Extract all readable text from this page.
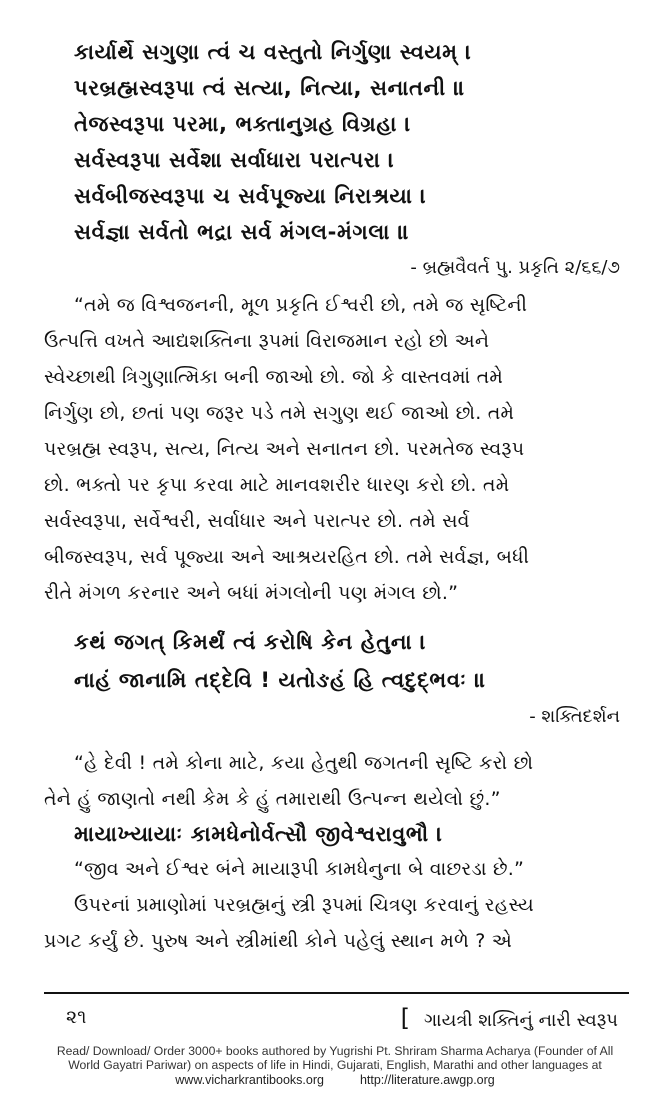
કાર્યાર્થે સગુણા ત્વં ચ વસ્તુતો નિર્ગુણા સ્વયમ્ ।
પરબ્રહ્મસ્વરૂપા ત્વં સત્યા, નિત્યા, સનાતની ॥
તેજસ્વરૂપા પરમા, ભક્તાનુગ્રહ વિગ્રહા ।
સર્વસ્વરૂપા સર્વેશા સર્વાધારા પરાત્પરા ।
સર્વબીજસ્વરૂપા ચ સર્વપૂજ્યા નિરાશ્રયા ।
સર્વજ્ઞા સર્વતો ભદ્રા સર્વ મંગલ-મંગલા ॥
- બ્રહ્મવૈવર્ત પુ. પ્રકૃતિ ૨/૬૬/૭
“તમે જ વિશ્વજનની, મૂળ પ્રકૃતિ ઈશ્વરી છો, તમે જ સૃષ્ટિની
ઉત્પત્તિ વખતે આદ્યશક્તિના રૂપમાં વિરાજમાન રહો છો અને
સ્વેચ્છાથી ત્રિગુણાત્મિકા બની જાઓ છો. જો કે વાસ્તવમાં તમે
નિર્ગુણ છો, છતાં પણ જરૂર પડે તમે સગુણ થઈ જાઓ છો. તમે
પરબ્રહ્મ સ્વરૂપ, સત્ય, નિત્ય અને સનાતન છો. પરમતેજ સ્વરૂપ
છો. ભક્તો પર કૃપા કરવા માટે માનવશરીર ધારણ કરો છો. તમે
સર્વસ્વરૂપા, સર્વેશ્વરી, સર્વાધાર અને પરાત્પર છો. તમે સર્વ
બીજસ્વરૂપ, સર્વ પૂજ્યા અને આશ્રયરહિત છો. તમે સર્વજ્ઞ, બધી
રીતે મંગળ કરનાર અને બધાં મંગલોની પણ મંગલ છો.”
કથં જગત્ કિમર્થં ત્વં કરોષિ કેન હેતુના ।
નાહં જાનામિ તદ્દેવિ ! યતોઙહં હિ ત્વદુદ્ભવઃ ॥
- શક્તિદર્શન
“હે દેવી ! તમે કોના માટે, કયા હેતુથી જગતની સૃષ્ટિ કરો છો
તેને હું જાણતો નથી કેમ કે હું તમારાથી ઉત્પન્ન થયેલો છું.”
માયાખ્યાયાઃ કામધેનોર્વત્સૌ જીવેશ્વરાવુભૌ ।
“જીવ અને ઈશ્વર બંને માયારૂપી કામધેનુના બે વાછરડા છે.”
ઉપરનાં પ્રમાણોમાં પરબ્રહ્મનું સ્ત્રી રૂપમાં ચિત્રણ કરવાનું રહસ્ય
પ્રગટ કર્યું છે. પુરુષ અને સ્ત્રીમાંથી કોને પહેલું સ્થાન મળે ? એ
૨૧	[ ગાયત્રી શક્તિનું નારી સ્વરૂપ
Read/ Download/ Order 3000+ books authored by Yugrishi Pt. Shriram Sharma Acharya (Founder of All
World Gayatri Pariwar) on aspects of life in Hindi, Gujarati, English, Marathi and other languages at
www.vicharkrantibooks.org	http://literature.awgp.org
